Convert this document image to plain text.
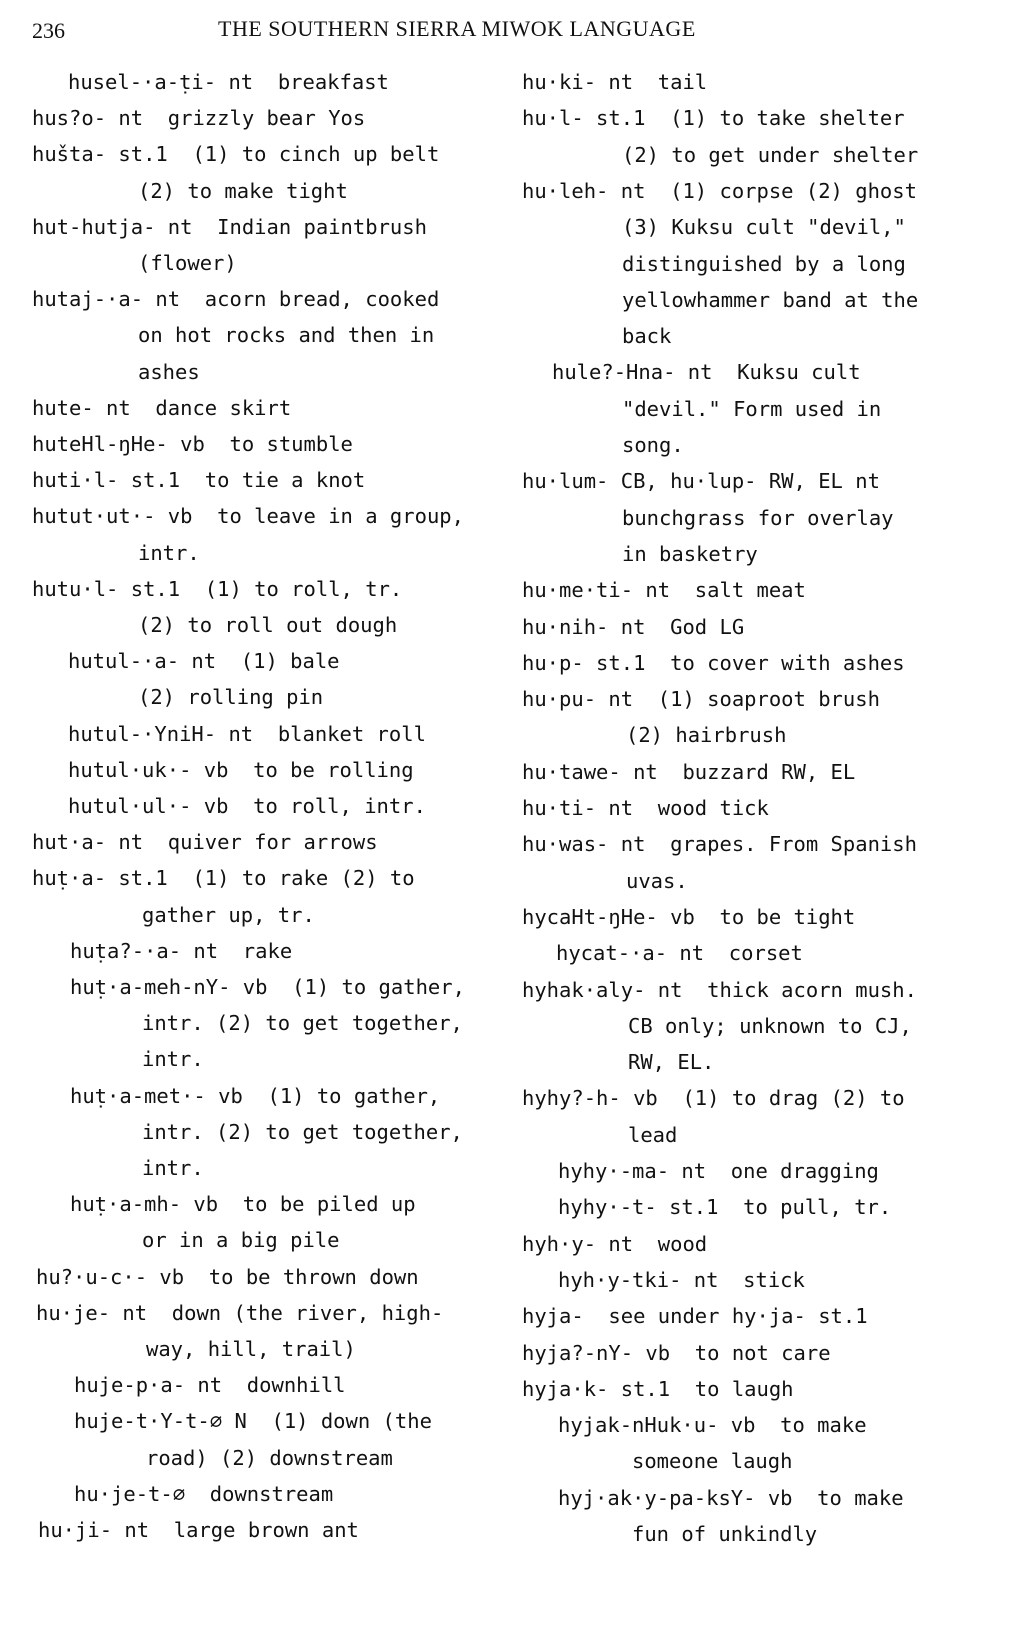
236	THE SOUTHERN SIERRA MIWOK LANGUAGE
husel-·a-ṭi- nt  breakfast
hus?o- nt  grizzly bear Yos
hušta- st.1  (1) to cinch up belt
(2) to make tight
hut-hutja- nt  Indian paintbrush
(flower)
hutaj-·a- nt  acorn bread, cooked
on hot rocks and then in
ashes
hute- nt  dance skirt
huteHl-ŋHe- vb  to stumble
huti·l- st.1  to tie a knot
hutut·ut·- vb  to leave in a group,
intr.
hutu·l- st.1  (1) to roll, tr.
(2) to roll out dough
hutul-·a- nt  (1) bale
(2) rolling pin
hutul-·YniH- nt  blanket roll
hutul·uk·- vb  to be rolling
hutul·ul·- vb  to roll, intr.
hut·a- nt  quiver for arrows
huṭ·a- st.1  (1) to rake (2) to
gather up, tr.
huṭa?-·a- nt  rake
huṭ·a-meh-nY- vb  (1) to gather,
intr. (2) to get together,
intr.
huṭ·a-met·- vb  (1) to gather,
intr. (2) to get together,
intr.
huṭ·a-mh- vb  to be piled up
or in a big pile
hu?·u-c·- vb  to be thrown down
hu·je- nt  down (the river, high-
way, hill, trail)
huje-p·a- nt  downhill
huje-t·Y-t-∅ N  (1) down (the
road) (2) downstream
hu·je-t-∅  downstream
hu·ji- nt  large brown ant
hu·ki- nt  tail
hu·l- st.1  (1) to take shelter
(2) to get under shelter
hu·leh- nt  (1) corpse (2) ghost
(3) Kuksu cult "devil,"
distinguished by a long
yellowhammer band at the
back
hule?-Hna- nt  Kuksu cult
"devil." Form used in
song.
hu·lum- CB, hu·lup- RW, EL nt
bunchgrass for overlay
in basketry
hu·me·ti- nt  salt meat
hu·nih- nt  God LG
hu·p- st.1  to cover with ashes
hu·pu- nt  (1) soaproot brush
(2) hairbrush
hu·tawe- nt  buzzard RW, EL
hu·ti- nt  wood tick
hu·was- nt  grapes. From Spanish
uvas.
hycaHt-ŋHe- vb  to be tight
hycat-·a- nt  corset
hyhak·aly- nt  thick acorn mush.
CB only; unknown to CJ,
RW, EL.
hyhy?-h- vb  (1) to drag (2) to
lead
hyhy·-ma- nt  one dragging
hyhy·-t- st.1  to pull, tr.
hyh·y- nt  wood
hyh·y-tki- nt  stick
hyja-  see under hy·ja- st.1
hyja?-nY- vb  to not care
hyja·k- st.1  to laugh
hyjak-nHuk·u- vb  to make
someone laugh
hyj·ak·y-pa-ksY- vb  to make
fun of unkindly
